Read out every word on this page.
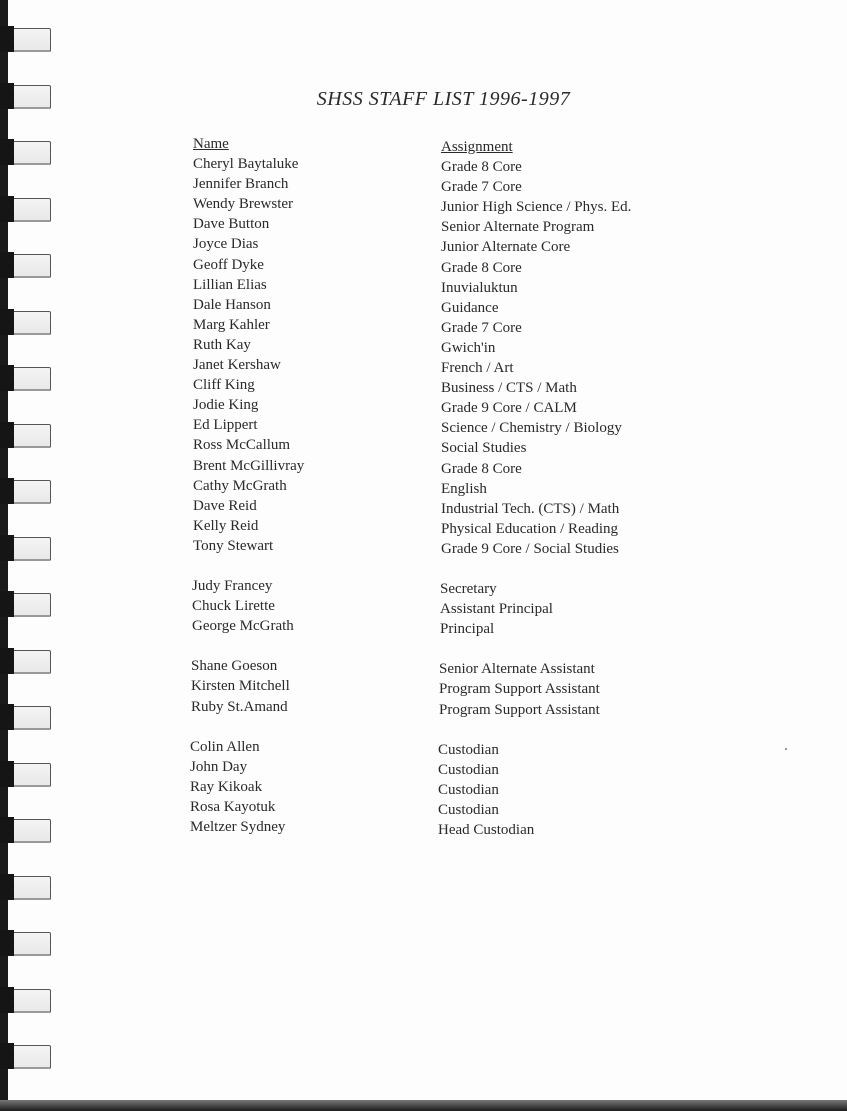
SHSS STAFF LIST 1996-1997
Name	Assignment
Cheryl Baytaluke	Grade 8 Core
Jennifer Branch	Grade 7 Core
Wendy Brewster	Junior High Science / Phys. Ed.
Dave Button	Senior Alternate Program
Joyce Dias	Junior Alternate Core
Geoff Dyke	Grade 8 Core
Lillian Elias	Inuvialuktun
Dale Hanson	Guidance
Marg Kahler	Grade 7 Core
Ruth Kay	Gwich'in
Janet Kershaw	French / Art
Cliff King	Business / CTS / Math
Jodie King	Grade 9 Core / CALM
Ed Lippert	Science / Chemistry / Biology
Ross McCallum	Social Studies
Brent McGillivray	Grade 8 Core
Cathy McGrath	English
Dave Reid	Industrial Tech. (CTS) / Math
Kelly Reid	Physical Education / Reading
Tony Stewart	Grade 9 Core / Social Studies
Judy Francey	Secretary
Chuck Lirette	Assistant Principal
George McGrath	Principal
Shane Goeson	Senior Alternate Assistant
Kirsten Mitchell	Program Support Assistant
Ruby St.Amand	Program Support Assistant
Colin Allen	Custodian
John Day	Custodian
Ray Kikoak	Custodian
Rosa Kayotuk	Custodian
Meltzer Sydney	Head Custodian
